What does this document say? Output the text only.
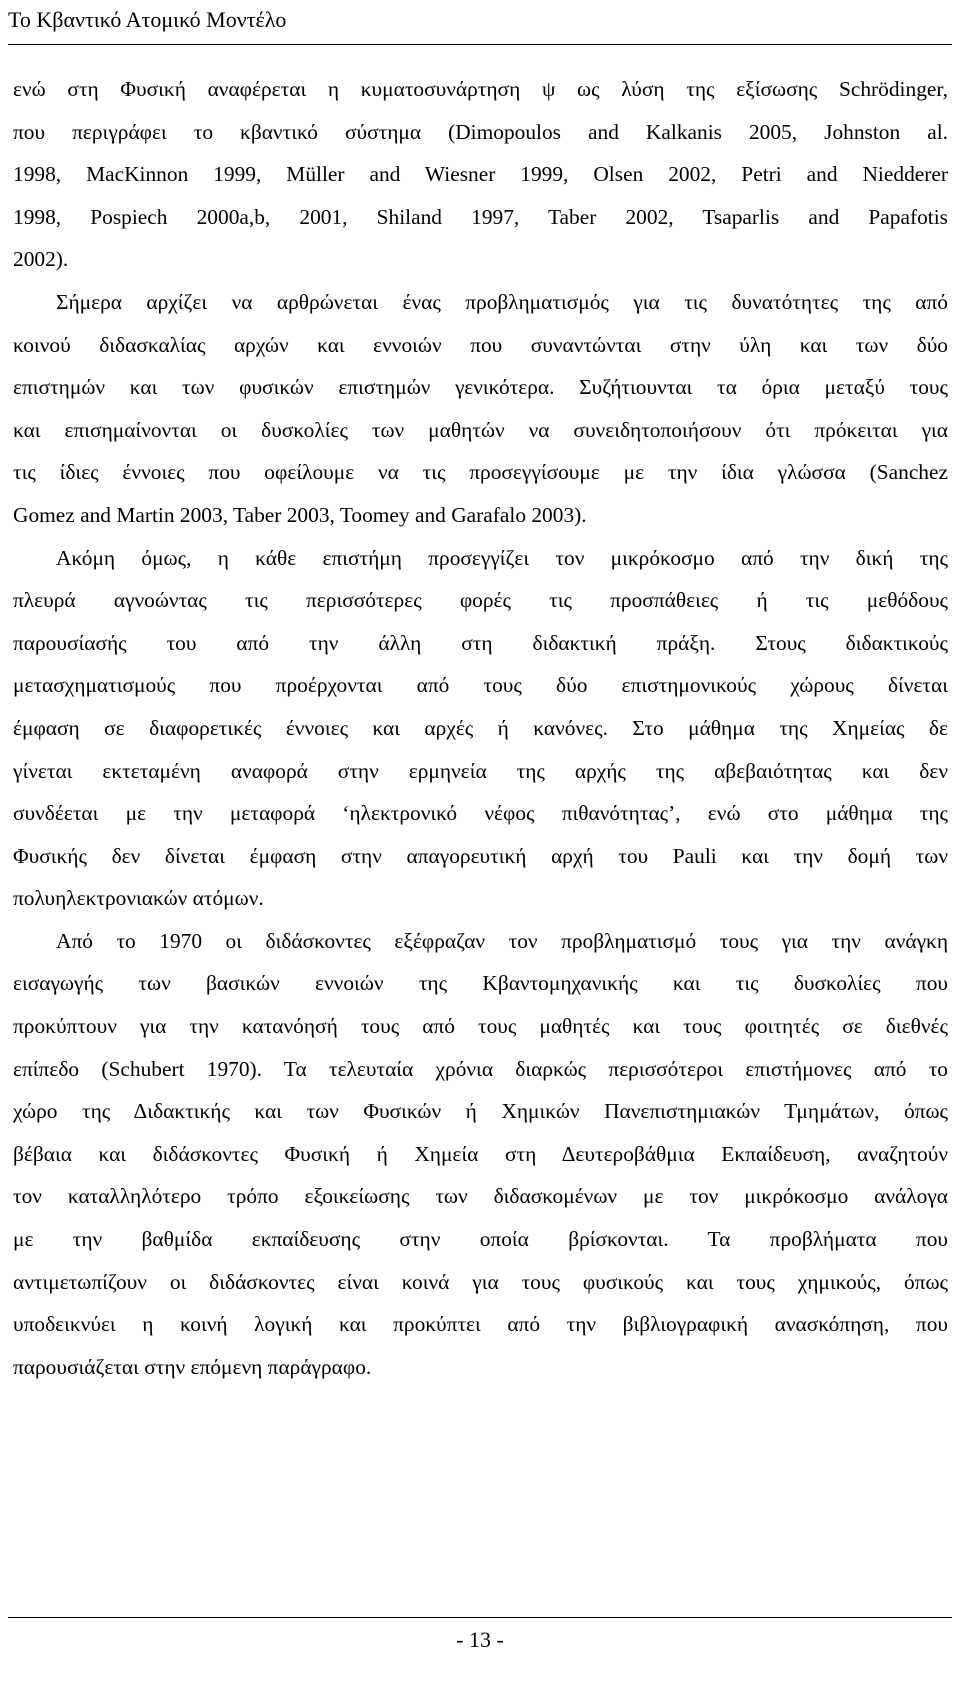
Το Κβαντικό Ατομικό Μοντέλο
ενώ στη Φυσική αναφέρεται η κυματοσυνάρτηση ψ ως λύση της εξίσωσης Schrödinger,
που περιγράφει το κβαντικό σύστημα (Dimopoulos and Kalkanis 2005, Johnston al.
1998, MacKinnon 1999, Müller and Wiesner 1999, Olsen 2002, Petri and Niedderer
1998, Pospiech 2000a,b, 2001, Shiland 1997, Taber 2002, Tsaparlis and Papafotis
2002).
Σήμερα αρχίζει να αρθρώνεται ένας προβληματισμός για τις δυνατότητες της από
κοινού διδασκαλίας αρχών και εννοιών που συναντώνται στην ύλη και των δύο
επιστημών και των φυσικών επιστημών γενικότερα. Συζήτιουνται τα όρια μεταξύ τους
και επισημαίνονται οι δυσκολίες των μαθητών να συνειδητοποιήσουν ότι πρόκειται για
τις ίδιες έννοιες που οφείλουμε να τις προσεγγίσουμε με την ίδια γλώσσα (Sanchez
Gomez and Martin 2003, Taber 2003, Toomey and Garafalo 2003).
Ακόμη όμως, η κάθε επιστήμη προσεγγίζει τον μικρόκοσμο από την δική της
πλευρά αγνοώντας τις περισσότερες φορές τις προσπάθειες ή τις μεθόδους
παρουσίασής του από την άλλη στη διδακτική πράξη. Στους διδακτικούς
μετασχηματισμούς που προέρχονται από τους δύο επιστημονικούς χώρους δίνεται
έμφαση σε διαφορετικές έννοιες και αρχές ή κανόνες. Στο μάθημα της Χημείας δε
γίνεται εκτεταμένη αναφορά στην ερμηνεία της αρχής της αβεβαιότητας και δεν
συνδέεται με την μεταφορά ‘ηλεκτρονικό νέφος πιθανότητας’, ενώ στο μάθημα της
Φυσικής δεν δίνεται έμφαση στην απαγορευτική αρχή του Pauli και την δομή των
πολυηλεκτρονιακών ατόμων.
Από το 1970 οι διδάσκοντες εξέφραζαν τον προβληματισμό τους για την ανάγκη
εισαγωγής των βασικών εννοιών της Κβαντομηχανικής και τις δυσκολίες που
προκύπτουν για την κατανόησή τους από τους μαθητές και τους φοιτητές σε διεθνές
επίπεδο (Schubert 1970). Τα τελευταία χρόνια διαρκώς περισσότεροι επιστήμονες από το
χώρο της Διδακτικής και των Φυσικών ή Χημικών Πανεπιστημιακών Τμημάτων, όπως
βέβαια και διδάσκοντες Φυσική ή Χημεία στη Δευτεροβάθμια Εκπαίδευση, αναζητούν
τον καταλληλότερο τρόπο εξοικείωσης των διδασκομένων με τον μικρόκοσμο ανάλογα
με την βαθμίδα εκπαίδευσης στην οποία βρίσκονται. Τα προβλήματα που
αντιμετωπίζουν οι διδάσκοντες είναι κοινά για τους φυσικούς και τους χημικούς, όπως
υποδεικνύει η κοινή λογική και προκύπτει από την βιβλιογραφική ανασκόπηση, που
παρουσιάζεται στην επόμενη παράγραφο.
- 13 -
